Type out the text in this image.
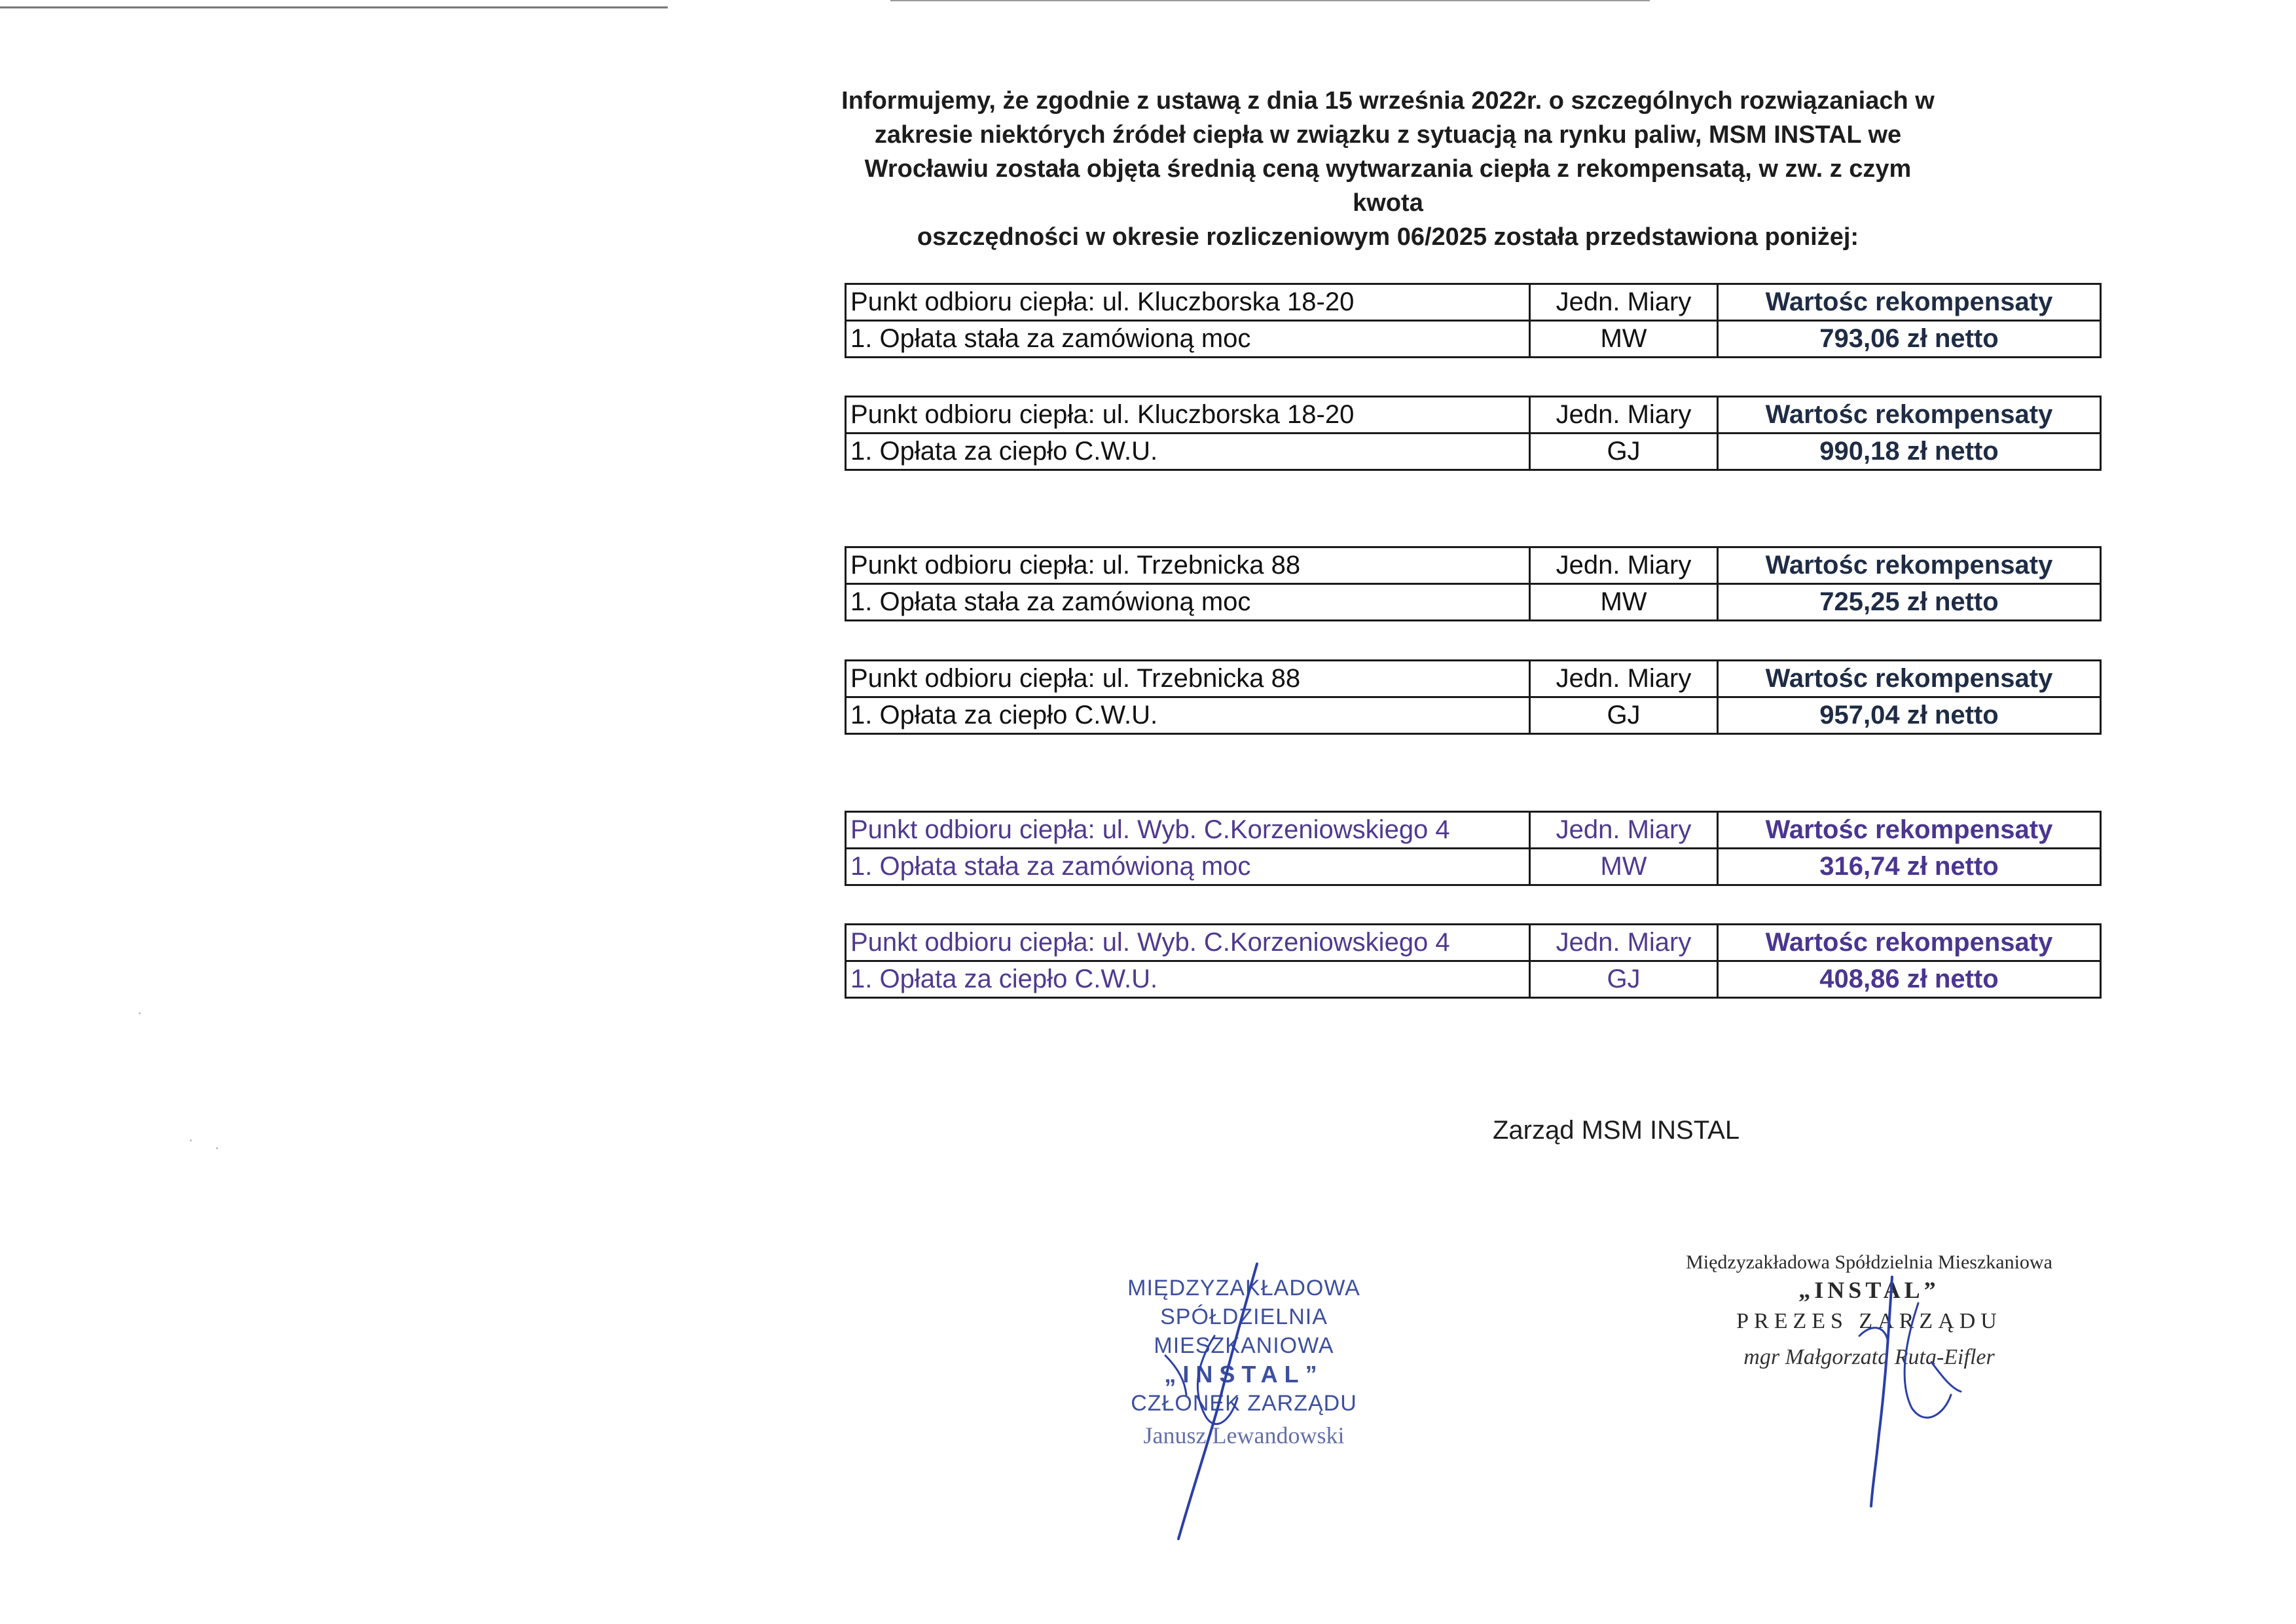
Informujemy, że zgodnie z ustawą z dnia 15 września 2022r. o szczególnych rozwiązaniach w
zakresie niektórych źródeł ciepła w związku z sytuacją na rynku paliw, MSM INSTAL we
Wrocławiu została objęta średnią ceną wytwarzania ciepła z rekompensatą, w zw. z czym kwota
oszczędności w okresie rozliczeniowym 06/2025 została przedstawiona poniżej:
Punkt odbioru ciepła: ul. Kluczborska 18-20	Jedn. Miary	Wartośc rekompensaty
1. Opłata stała za zamówioną moc	MW	793,06 zł netto
Punkt odbioru ciepła: ul. Kluczborska 18-20	Jedn. Miary	Wartośc rekompensaty
1. Opłata za ciepło C.W.U.	GJ	990,18 zł netto
Punkt odbioru ciepła: ul. Trzebnicka 88	Jedn. Miary	Wartośc rekompensaty
1. Opłata stała za zamówioną moc	MW	725,25 zł netto
Punkt odbioru ciepła: ul. Trzebnicka 88	Jedn. Miary	Wartośc rekompensaty
1. Opłata za ciepło C.W.U.	GJ	957,04 zł netto
Punkt odbioru ciepła: ul. Wyb. C.Korzeniowskiego 4	Jedn. Miary	Wartośc rekompensaty
1. Opłata stała za zamówioną moc	MW	316,74 zł netto
Punkt odbioru ciepła: ul. Wyb. C.Korzeniowskiego 4	Jedn. Miary	Wartośc rekompensaty
1. Opłata za ciepło C.W.U.	GJ	408,86 zł netto
Zarząd MSM INSTAL
MIĘDZYZAKŁADOWA
SPÓŁDZIELNIA MIESZKANIOWA
„INSTAL”
CZŁONEK ZARZĄDU
Janusz Lewandowski
Międzyzakładowa Spółdzielnia Mieszkaniowa
„INSTAL”
PREZES ZARZĄDU
mgr Małgorzata Ruta-Eifler
